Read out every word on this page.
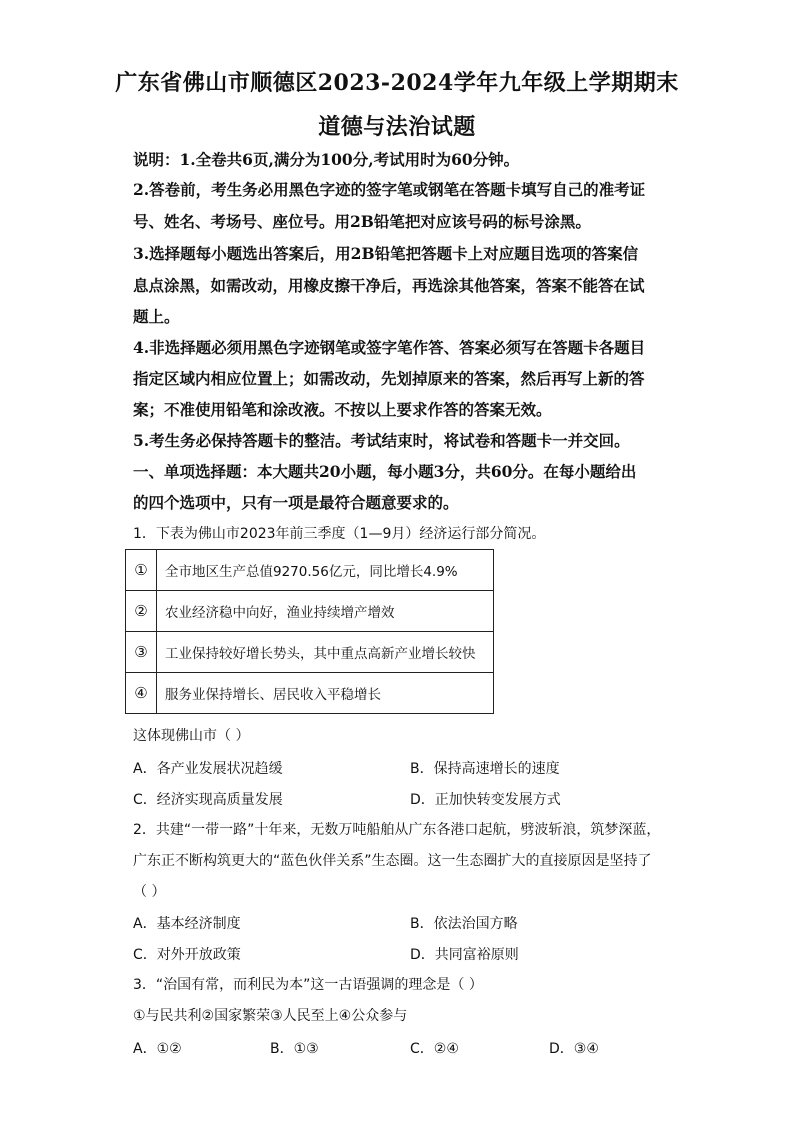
广东省佛山市顺德区2023-2024学年九年级上学期期末
道德与法治试题
说明：1.全卷共6页,满分为100分,考试用时为60分钟。
2.答卷前，考生务必用黑色字迹的签字笔或钢笔在答题卡填写自己的准考证
号、姓名、考场号、座位号。用2B铅笔把对应该号码的标号涂黑。
3.选择题每小题选出答案后，用2B铅笔把答题卡上对应题目选项的答案信
息点涂黑，如需改动，用橡皮擦干净后，再选涂其他答案，答案不能答在试
题上。
4.非选择题必须用黑色字迹钢笔或签字笔作答、答案必须写在答题卡各题目
指定区域内相应位置上；如需改动，先划掉原来的答案，然后再写上新的答
案；不准使用铅笔和涂改液。不按以上要求作答的答案无效。
5.考生务必保持答题卡的整洁。考试结束时，将试卷和答题卡一并交回。
一、单项选择题：本大题共20小题，每小题3分，共60分。在每小题给出
的四个选项中，只有一项是最符合题意要求的。
1．下表为佛山市2023年前三季度（1—9月）经济运行部分简况。
①	全市地区生产总值9270.56亿元，同比增长4.9%
②	农业经济稳中向好，渔业持续增产增效
③	工业保持较好增长势头，其中重点高新产业增长较快
④	服务业保持增长、居民收入平稳增长
这体现佛山市（ ）
A．各产业发展状况趋缓	B．保持高速增长的速度
C．经济实现高质量发展	D．正加快转变发展方式
2．共建“一带一路”十年来，无数万吨船舶从广东各港口起航，劈波斩浪，筑梦深蓝，
广东正不断构筑更大的“蓝色伙伴关系”生态圈。这一生态圈扩大的直接原因是坚持了
（ ）
A．基本经济制度	B．依法治国方略
C．对外开放政策	D．共同富裕原则
3．“治国有常，而利民为本”这一古语强调的理念是（ ）
①与民共利②国家繁荣③人民至上④公众参与
A．①②	B．①③	C．②④	D．③④
